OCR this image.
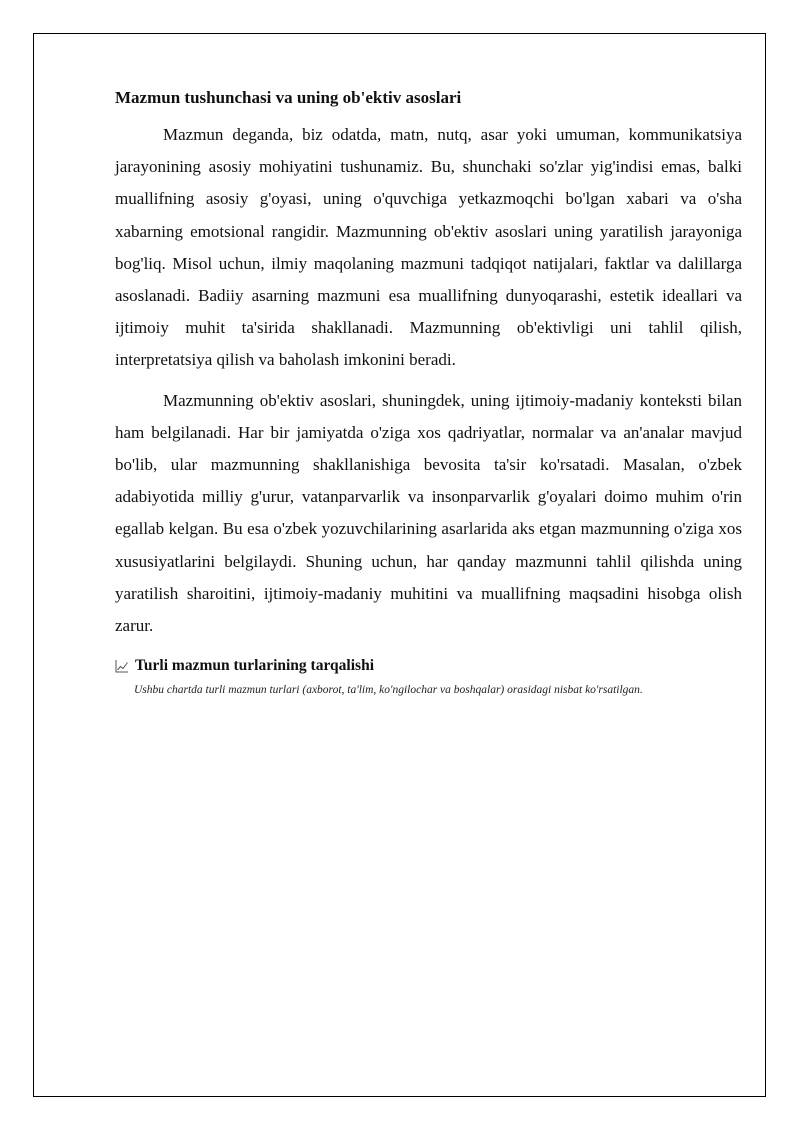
Mazmun tushunchasi va uning ob'ektiv asoslari

Mazmun deganda, biz odatda, matn, nutq, asar yoki umuman, kommunikatsiya jarayonining asosiy mohiyatini tushunamiz. Bu, shunchaki so'zlar yig'indisi emas, balki muallifning asosiy g'oyasi, uning o'quvchiga yetkazmoqchi bo'lgan xabari va o'sha xabarning emotsional rangidir. Mazmunning ob'ektiv asoslari uning yaratilish jarayoniga bog'liq. Misol uchun, ilmiy maqolaning mazmuni tadqiqot natijalari, faktlar va dalillarga asoslanadi. Badiiy asarning mazmuni esa muallifning dunyoqarashi, estetik ideallari va ijtimoiy muhit ta'sirida shakllanadi. Mazmunning ob'ektivligi uni tahlil qilish, interpretatsiya qilish va baholash imkonini beradi.

Mazmunning ob'ektiv asoslari, shuningdek, uning ijtimoiy-madaniy konteksti bilan ham belgilanadi. Har bir jamiyatda o'ziga xos qadriyatlar, normalar va an'analar mavjud bo'lib, ular mazmunning shakllanishiga bevosita ta'sir ko'rsatadi. Masalan, o'zbek adabiyotida milliy g'urur, vatanparvarlik va insonparvarlik g'oyalari doimo muhim o'rin egallab kelgan. Bu esa o'zbek yozuvchilarining asarlarida aks etgan mazmunning o'ziga xos xususiyatlarini belgilaydi. Shuning uchun, har qanday mazmunni tahlil qilishda uning yaratilish sharoitini, ijtimoiy-madaniy muhitini va muallifning maqsadini hisobga olish zarur.

Turli mazmun turlarining tarqalishi
Ushbu chartda turli mazmun turlari (axborot, ta'lim, ko'ngilochar va boshqalar) orasidagi nisbat ko'rsatilgan.
